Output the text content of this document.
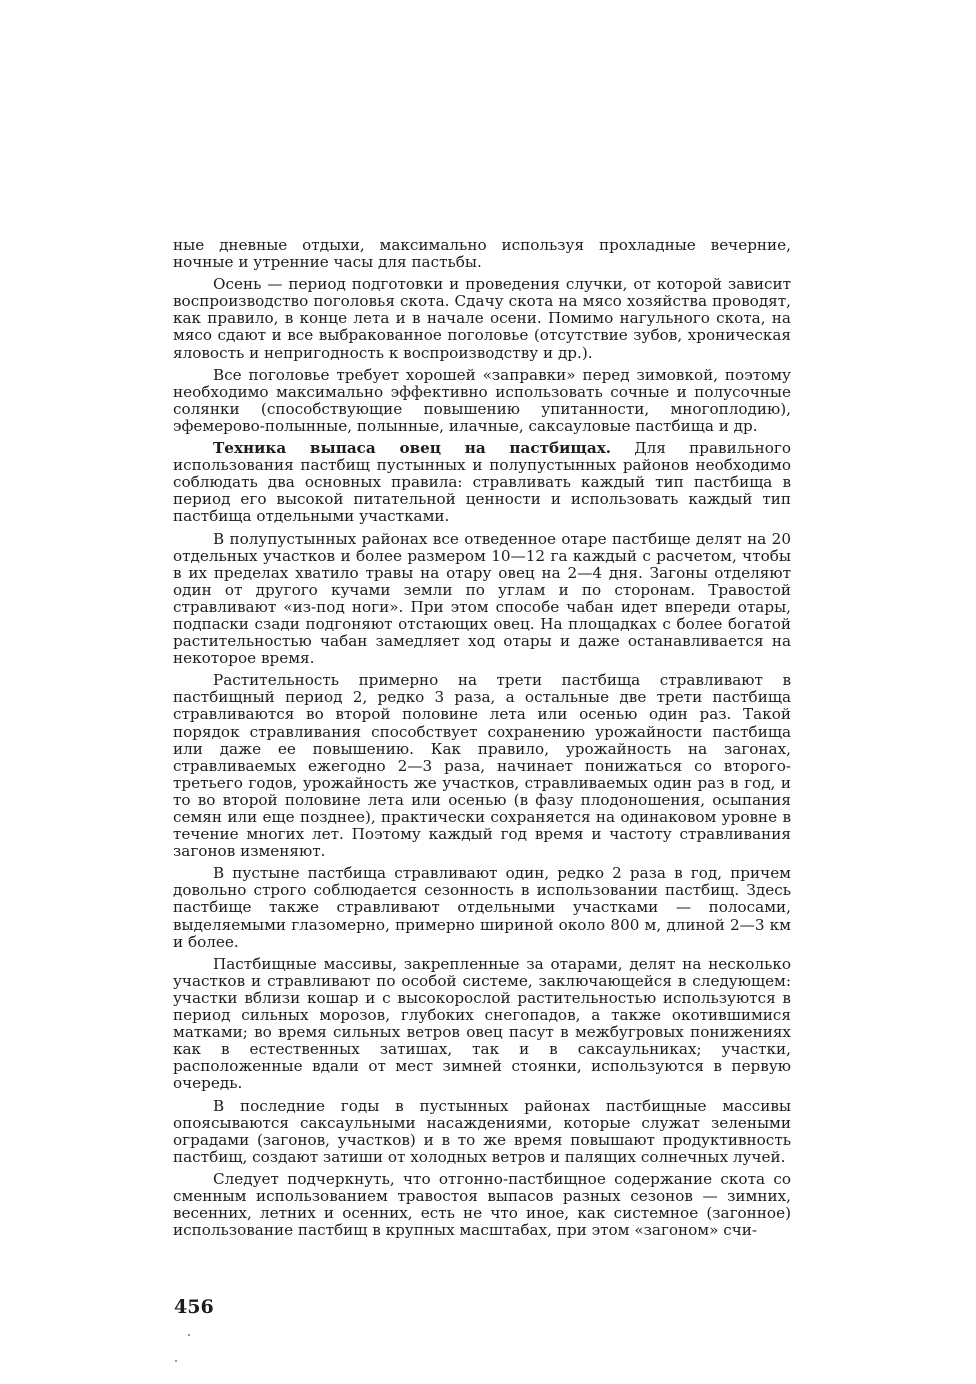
ные дневные отдыхи, максимально используя прохладные вечерние, ночные и утренние часы для пастьбы.

Осень — период подготовки и проведения случки, от которой зависит воспроизводство поголовья скота. Сдачу скота на мясо хозяйства проводят, как правило, в конце лета и в начале осени. Помимо нагульного скота, на мясо сдают и все выбракованное поголовье (отсутствие зубов, хроническая яловость и непригодность к воспроизводству и др.).

Все поголовье требует хорошей «заправки» перед зимовкой, поэтому необходимо максимально эффективно использовать сочные и полусочные солянки (способствующие повышению упитанности, многоплодию), эфемерово-полынные, полынные, илачные, саксауловые пастбища и др.

Техника выпаса овец на пастбищах. Для правильного использования пастбищ пустынных и полупустынных районов необходимо соблюдать два основных правила: стравливать каждый тип пастбища в период его высокой питательной ценности и использовать каждый тип пастбища отдельными участками.

В полупустынных районах все отведенное отаре пастбище делят на 20 отдельных участков и более размером 10—12 га каждый с расчетом, чтобы в их пределах хватило травы на отару овец на 2—4 дня. Загоны отделяют один от другого кучами земли по углам и по сторонам. Травостой стравливают «из-под ноги». При этом способе чабан идет впереди отары, подпаски сзади подгоняют отстающих овец. На площадках с более богатой растительностью чабан замедляет ход отары и даже останавливается на некоторое время.

Растительность примерно на трети пастбища стравливают в пастбищный период 2, редко 3 раза, а остальные две трети пастбища стравливаются во второй половине лета или осенью один раз. Такой порядок стравливания способствует сохранению урожайности пастбища или даже ее повышению. Как правило, урожайность на загонах, стравливаемых ежегодно 2—3 раза, начинает понижаться со второго-третьего годов, урожайность же участков, стравливаемых один раз в год, и то во второй половине лета или осенью (в фазу плодоношения, осыпания семян или еще позднее), практически сохраняется на одинаковом уровне в течение многих лет. Поэтому каждый год время и частоту стравливания загонов изменяют.

В пустыне пастбища стравливают один, редко 2 раза в год, причем довольно строго соблюдается сезонность в использовании пастбищ. Здесь пастбище также стравливают отдельными участками — полосами, выделяемыми глазомерно, примерно шириной около 800 м, длиной 2—3 км и более.

Пастбищные массивы, закрепленные за отарами, делят на несколько участков и стравливают по особой системе, заключающейся в следующем: участки вблизи кошар и с высокорослой растительностью используются в период сильных морозов, глубоких снегопадов, а также окотившимися матками; во время сильных ветров овец пасут в межбугровых понижениях как в естественных затишах, так и в саксаульниках; участки, расположенные вдали от мест зимней стоянки, используются в первую очередь.

В последние годы в пустынных районах пастбищные массивы опоясываются саксаульными насаждениями, которые служат зелеными оградами (загонов, участков) и в то же время повышают продуктивность пастбищ, создают затиши от холодных ветров и палящих солнечных лучей.

Следует подчеркнуть, что отгонно-пастбищное содержание скота со сменным использованием травостоя выпасов разных сезонов — зимних, весенних, летних и осенних, есть не что иное, как системное (загонное) использование пастбищ в крупных масштабах, при этом «загоном» счи-

456
